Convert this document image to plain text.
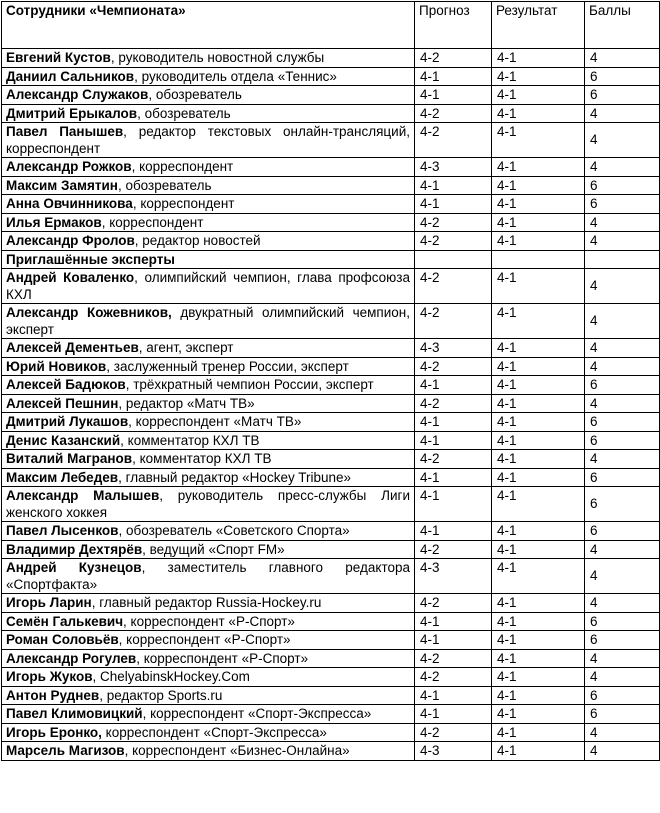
Сотрудники «Чемпионата»	Прогноз	Результат	Баллы
Евгений Кустов, руководитель новостной службы	4-2	4-1	4
Даниил Сальников, руководитель отдела «Теннис»	4-1	4-1	6
Александр Служаков, обозреватель	4-1	4-1	6
Дмитрий Ерыкалов, обозреватель	4-2	4-1	4
Павел Панышев, редактор текстовых онлайн-трансляций, корреспондент	4-2	4-1	4
Александр Рожков, корреспондент	4-3	4-1	4
Максим Замятин, обозреватель	4-1	4-1	6
Анна Овчинникова, корреспондент	4-1	4-1	6
Илья Ермаков, корреспондент	4-2	4-1	4
Александр Фролов, редактор новостей	4-2	4-1	4
Приглашённые эксперты			
Андрей Коваленко, олимпийский чемпион, глава профсоюза КХЛ	4-2	4-1	4
Александр Кожевников, двукратный олимпийский чемпион, эксперт	4-2	4-1	4
Алексей Дементьев, агент, эксперт	4-3	4-1	4
Юрий Новиков, заслуженный тренер России, эксперт	4-2	4-1	4
Алексей Бадюков, трёхкратный чемпион России, эксперт	4-1	4-1	6
Алексей Пешнин, редактор «Матч ТВ»	4-2	4-1	4
Дмитрий Лукашов, корреспондент «Матч ТВ»	4-1	4-1	6
Денис Казанский, комментатор КХЛ ТВ	4-1	4-1	6
Виталий Магранов, комментатор КХЛ ТВ	4-2	4-1	4
Максим Лебедев, главный редактор «Hockey Tribune»	4-1	4-1	6
Александр Малышев, руководитель пресс-службы Лиги женского хоккея	4-1	4-1	6
Павел Лысенков, обозреватель «Советского Спорта»	4-1	4-1	6
Владимир Дехтярёв, ведущий «Спорт FM»	4-2	4-1	4
Андрей Кузнецов, заместитель главного редактора «Спортфакта»	4-3	4-1	4
Игорь Ларин, главный редактор Russia-Hockey.ru	4-2	4-1	4
Семён Галькевич, корреспондент «Р-Спорт»	4-1	4-1	6
Роман Соловьёв, корреспондент «Р-Спорт»	4-1	4-1	6
Александр Рогулев, корреспондент «Р-Спорт»	4-2	4-1	4
Игорь Жуков, ChelyabinskHockey.Com	4-2	4-1	4
Антон Руднев, редактор Sports.ru	4-1	4-1	6
Павел Климовицкий, корреспондент «Спорт-Экспресса»	4-1	4-1	6
Игорь Еронко, корреспондент «Спорт-Экспресса»	4-2	4-1	4
Марсель Магизов, корреспондент «Бизнес-Онлайна»	4-3	4-1	4
